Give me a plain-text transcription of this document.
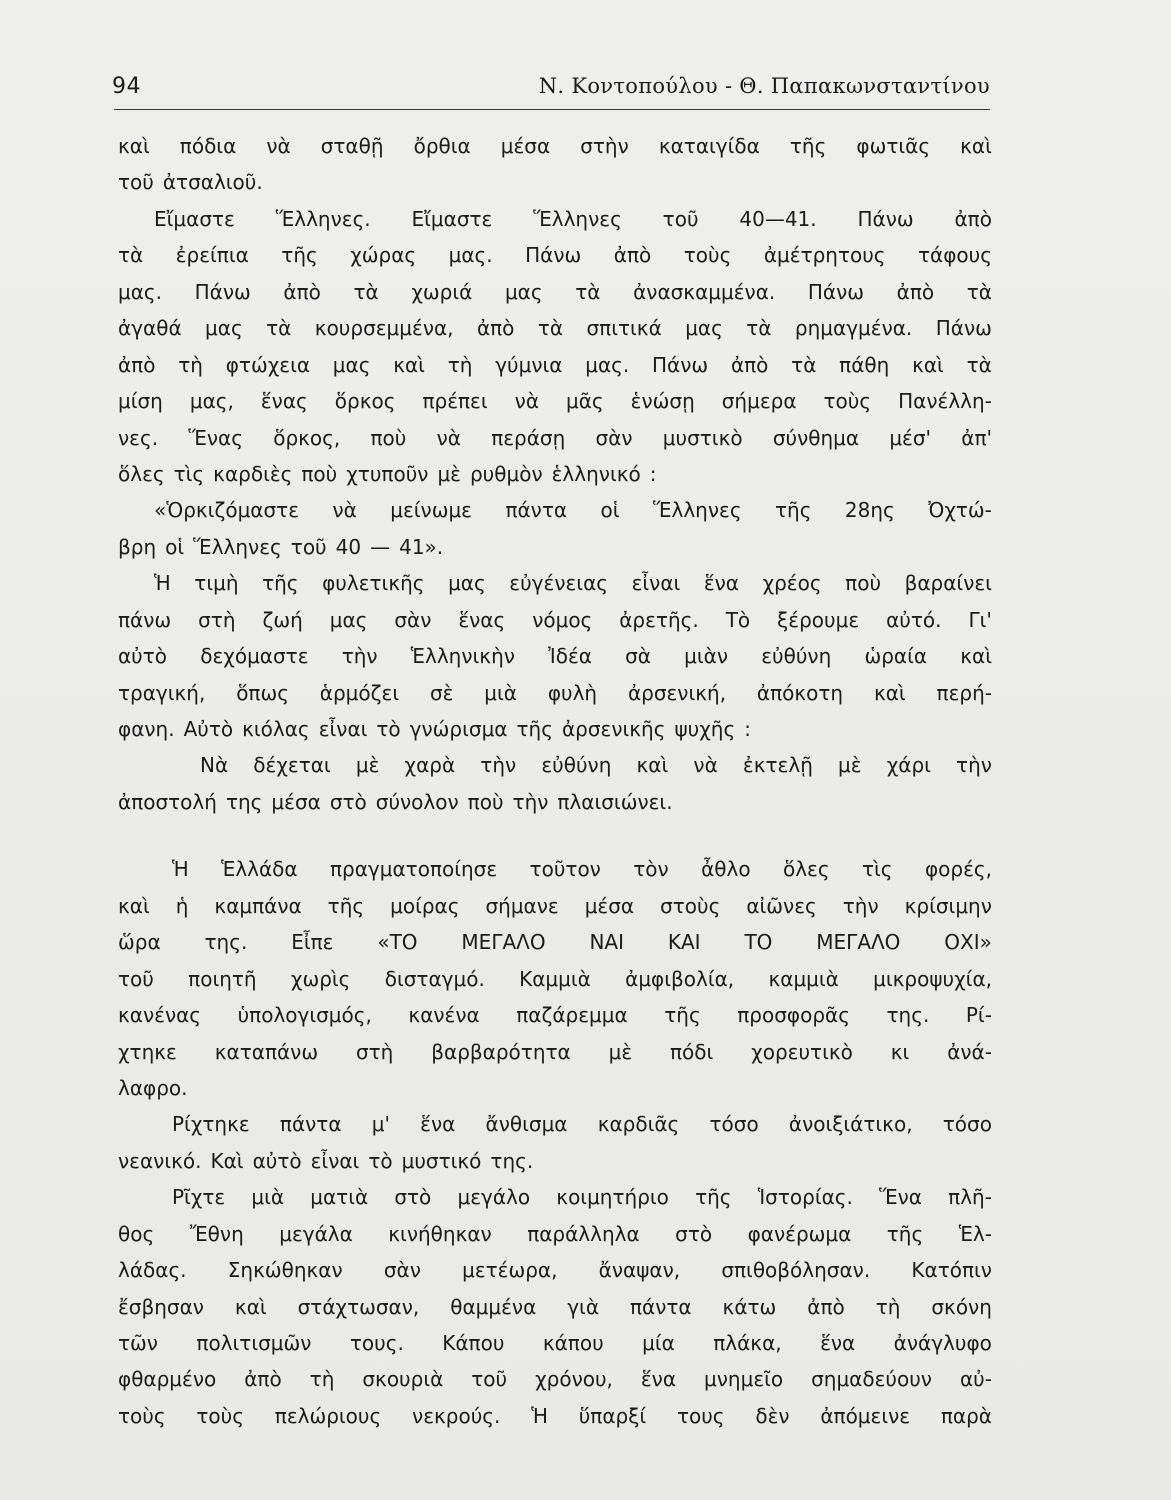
94	Ν. Κοντοπούλου - Θ. Παπακωνσταντίνου
καὶ πόδια νὰ σταθῇ ὄρθια μέσα στὴν καταιγίδα τῆς φωτιᾶς καὶ
τοῦ ἀτσαλιοῦ.
Εἴμαστε Ἕλληνες. Εἴμαστε Ἕλληνες τοῦ 40—41. Πάνω ἀπὸ
τὰ ἐρείπια τῆς χώρας μας. Πάνω ἀπὸ τοὺς ἀμέτρητους τάφους
μας. Πάνω ἀπὸ τὰ χωριά μας τὰ ἀνασκαμμένα. Πάνω ἀπὸ τὰ
ἀγαθά μας τὰ κουρσεμμένα, ἀπὸ τὰ σπιτικά μας τὰ ρημαγμένα. Πάνω
ἀπὸ τὴ φτώχεια μας καὶ τὴ γύμνια μας. Πάνω ἀπὸ τὰ πάθη καὶ τὰ
μίση μας, ἕνας ὅρκος πρέπει νὰ μᾶς ἑνώσῃ σήμερα τοὺς Πανέλλη-
νες. Ἕνας ὅρκος, ποὺ νὰ περάσῃ σὰν μυστικὸ σύνθημα μέσ' ἀπ'
ὅλες τὶς καρδιὲς ποὺ χτυποῦν μὲ ρυθμὸν ἑλληνικό :
«Ὁρκιζόμαστε νὰ μείνωμε πάντα οἱ Ἕλληνες τῆς 28ης Ὀχτώ-
βρη οἱ Ἕλληνες τοῦ 40 — 41».
Ἡ τιμὴ τῆς φυλετικῆς μας εὐγένειας εἶναι ἕνα χρέος ποὺ βαραίνει
πάνω στὴ ζωή μας σὰν ἕνας νόμος ἀρετῆς. Τὸ ξέρουμε αὐτό. Γι'
αὐτὸ δεχόμαστε τὴν Ἑλληνικὴν Ἰδέα σὰ μιὰν εὐθύνη ὡραία καὶ
τραγική, ὅπως ἁρμόζει σὲ μιὰ φυλὴ ἀρσενική, ἀπόκοτη καὶ περή-
φανη. Αὐτὸ κιόλας εἶναι τὸ γνώρισμα τῆς ἀρσενικῆς ψυχῆς :
Νὰ δέχεται μὲ χαρὰ τὴν εὐθύνη καὶ νὰ ἐκτελῇ μὲ χάρι τὴν
ἀποστολή της μέσα στὸ σύνολον ποὺ τὴν πλαισιώνει.
Ἡ Ἑλλάδα πραγματοποίησε τοῦτον τὸν ἆθλο ὅλες τὶς φορές,
καὶ ἡ καμπάνα τῆς μοίρας σήμανε μέσα στοὺς αἰῶνες τὴν κρίσιμην
ὥρα της. Εἶπε «ΤΟ ΜΕΓΑΛΟ ΝΑΙ ΚΑΙ ΤΟ ΜΕΓΑΛΟ ΟΧΙ»
τοῦ ποιητῆ χωρὶς δισταγμό. Καμμιὰ ἀμφιβολία, καμμιὰ μικροψυχία,
κανένας ὑπολογισμός, κανένα παζάρεμμα τῆς προσφορᾶς της. Ρί-
χτηκε καταπάνω στὴ βαρβαρότητα μὲ πόδι χορευτικὸ κι ἀνά-
λαφρο.
Ρίχτηκε πάντα μ' ἕνα ἄνθισμα καρδιᾶς τόσο ἀνοιξιάτικο, τόσο
νεανικό. Καὶ αὐτὸ εἶναι τὸ μυστικό της.
Ρῖχτε μιὰ ματιὰ στὸ μεγάλο κοιμητήριο τῆς Ἱστορίας. Ἕνα πλῆ-
θος Ἔθνη μεγάλα κινήθηκαν παράλληλα στὸ φανέρωμα τῆς Ἑλ-
λάδας. Σηκώθηκαν σὰν μετέωρα, ἄναψαν, σπιθοβόλησαν. Κατόπιν
ἔσβησαν καὶ στάχτωσαν, θαμμένα γιὰ πάντα κάτω ἀπὸ τὴ σκόνη
τῶν πολιτισμῶν τους. Κάπου κάπου μία πλάκα, ἕνα ἀνάγλυφο
φθαρμένο ἀπὸ τὴ σκουριὰ τοῦ χρόνου, ἕνα μνημεῖο σημαδεύουν αὐ-
τοὺς τοὺς πελώριους νεκρούς. Ἡ ὕπαρξί τους δὲν ἀπόμεινε παρὰ
